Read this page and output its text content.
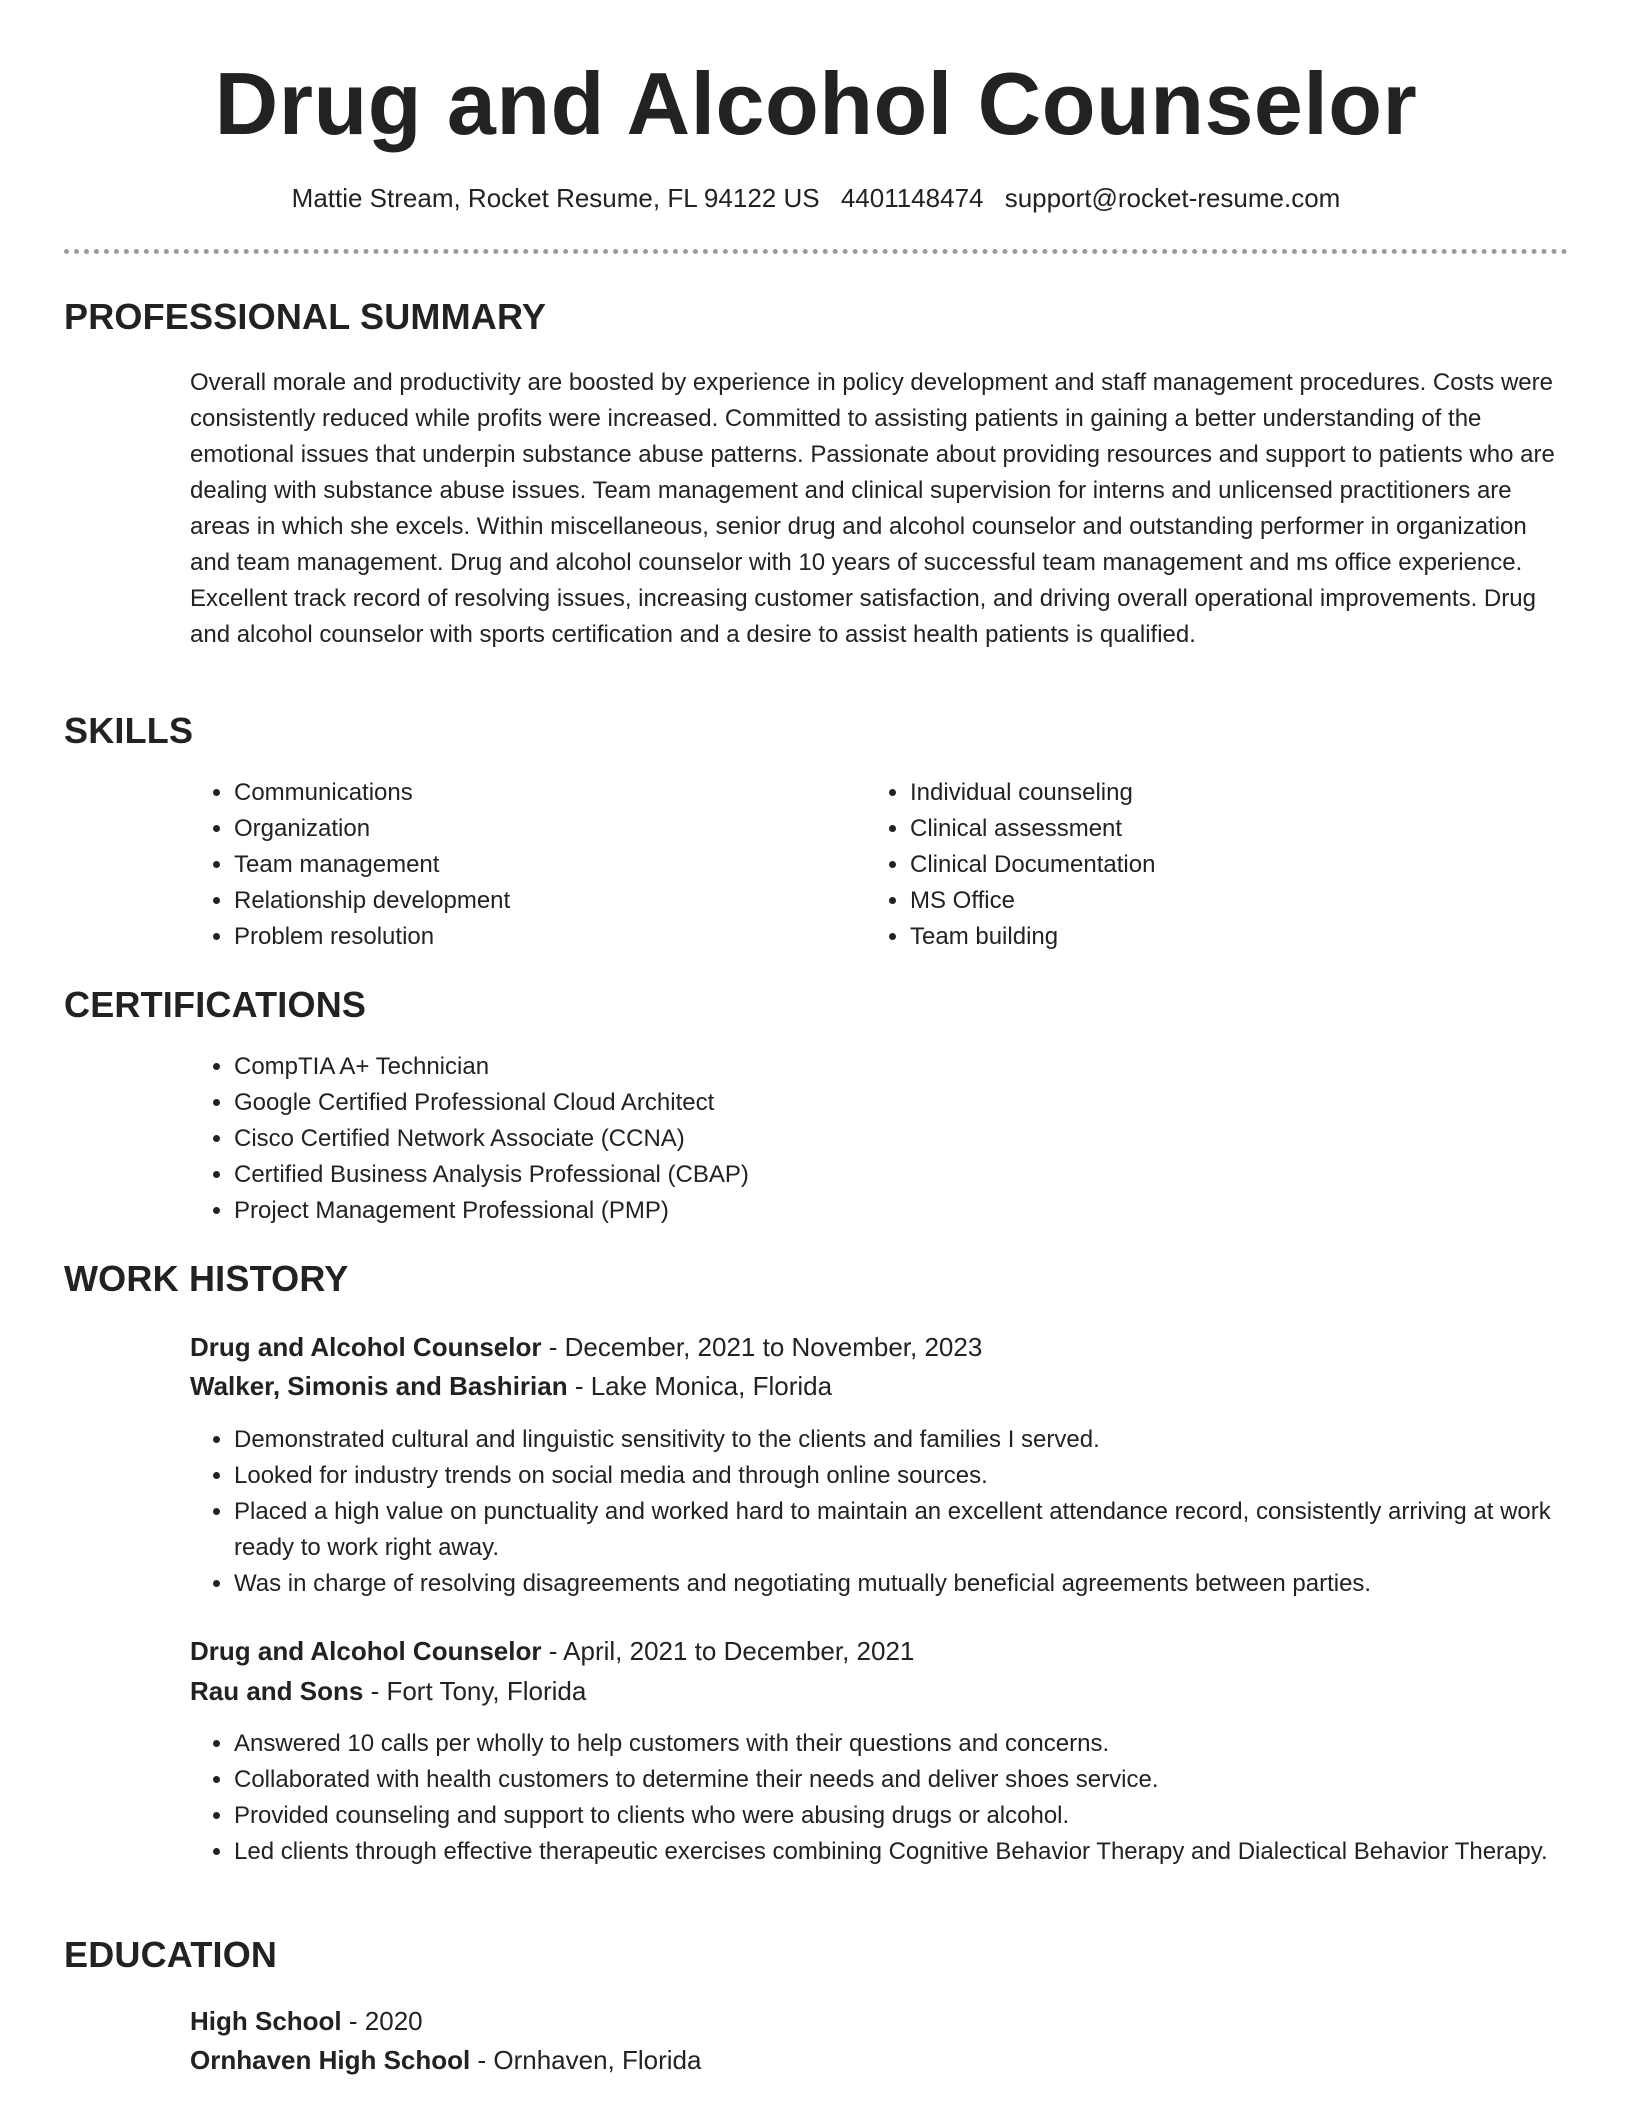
Drug and Alcohol Counselor
Mattie Stream, Rocket Resume, FL 94122 US 4401148474 support@rocket-resume.com
PROFESSIONAL SUMMARY
Overall morale and productivity are boosted by experience in policy development and staff management procedures. Costs were consistently reduced while profits were increased. Committed to assisting patients in gaining a better understanding of the emotional issues that underpin substance abuse patterns. Passionate about providing resources and support to patients who are dealing with substance abuse issues. Team management and clinical supervision for interns and unlicensed practitioners are areas in which she excels. Within miscellaneous, senior drug and alcohol counselor and outstanding performer in organization and team management. Drug and alcohol counselor with 10 years of successful team management and ms office experience. Excellent track record of resolving issues, increasing customer satisfaction, and driving overall operational improvements. Drug and alcohol counselor with sports certification and a desire to assist health patients is qualified.
SKILLS
• Communications
• Organization
• Team management
• Relationship development
• Problem resolution
• Individual counseling
• Clinical assessment
• Clinical Documentation
• MS Office
• Team building
CERTIFICATIONS
• CompTIA A+ Technician
• Google Certified Professional Cloud Architect
• Cisco Certified Network Associate (CCNA)
• Certified Business Analysis Professional (CBAP)
• Project Management Professional (PMP)
WORK HISTORY
Drug and Alcohol Counselor - December, 2021 to November, 2023
Walker, Simonis and Bashirian - Lake Monica, Florida
• Demonstrated cultural and linguistic sensitivity to the clients and families I served.
• Looked for industry trends on social media and through online sources.
• Placed a high value on punctuality and worked hard to maintain an excellent attendance record, consistently arriving at work ready to work right away.
• Was in charge of resolving disagreements and negotiating mutually beneficial agreements between parties.
Drug and Alcohol Counselor - April, 2021 to December, 2021
Rau and Sons - Fort Tony, Florida
• Answered 10 calls per wholly to help customers with their questions and concerns.
• Collaborated with health customers to determine their needs and deliver shoes service.
• Provided counseling and support to clients who were abusing drugs or alcohol.
• Led clients through effective therapeutic exercises combining Cognitive Behavior Therapy and Dialectical Behavior Therapy.
EDUCATION
High School - 2020
Ornhaven High School - Ornhaven, Florida
